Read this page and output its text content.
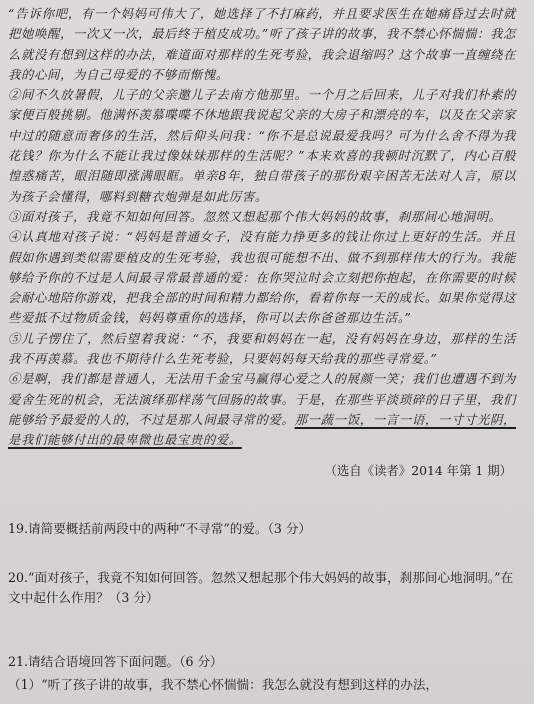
“告诉你吧，有一个妈妈可伟大了，她选择了不打麻药，并且要求医生在她痛昏过去时就把她唤醒，一次又一次，最后终于植皮成功。”听了孩子讲的故事，我不禁心怀惴惴：我怎么就没有想到这样的办法，难道面对那样的生死考验，我会退缩吗？这个故事一直缠绕在我的心间，为自己母爱的不够而惭愧。

②间不久放暑假，儿子的父亲邀儿子去南方他那里。一个月之后回来，儿子对我们朴素的家便百般挑剔。他满怀羡慕喋喋不休地跟我说起父亲的大房子和漂亮的车，以及在父亲家中过的随意而奢侈的生活，然后仰头问我：“你不是总说最爱我吗？可为什么舍不得为我花钱？你为什么不能让我过像妹妹那样的生活呢？”本来欢喜的我顿时沉默了，内心百般惶惑痛苦，眼泪随即涨满眼眶。单亲8年，独自带孩子的那份艰辛困苦无法对人言，原以为孩子会懂得，哪料到糖衣炮弹是如此厉害。

③面对孩子，我竟不知如何回答。忽然又想起那个伟大妈妈的故事，刹那间心地洞明。

④认真地对孩子说：“妈妈是普通女子，没有能力挣更多的钱让你过上更好的生活。并且假如你遇到类似需要植皮的生死考验，我也很可能想不出、做不到那样伟大的行为。我能够给予你的不过是人间最寻常最普通的爱：在你哭泣时会立刻把你抱起，在你需要的时候会耐心地陪你游戏，把我全部的时间和精力都给你，看着你每一天的成长。如果你觉得这些爱抵不过物质金钱，妈妈尊重你的选择，你可以去你爸爸那边生活。”

⑤儿子愣住了，然后望着我说：“不，我要和妈妈在一起，没有妈妈在身边，那样的生活我不再羡慕。我也不期待什么生死考验，只要妈妈每天给我的那些寻常爱。”

⑥是啊，我们都是普通人，无法用千金宝马赢得心爱之人的展颜一笑；我们也遭遇不到为爱舍生死的机会，无法演绎那样荡气回肠的故事。于是，在那些平淡琐碎的日子里，我们能够给予最爱的人的，不过是那人间最寻常的爱。那一蔬一饭，一言一语，一寸寸光阴，是我们能够付出的最卑微也最宝贵的爱。

（选自《读者》2014 年第 1 期）

19.请简要概括前两段中的两种“不寻常”的爱。（3 分）

20.“面对孩子，我竟不知如何回答。忽然又想起那个伟大妈妈的故事，刹那间心地洞明。”在文中起什么作用？（3 分）

21.请结合语境回答下面问题。（6 分）

（1）“听了孩子讲的故事，我不禁心怀惴惴：我怎么就没有想到这样的办法，
